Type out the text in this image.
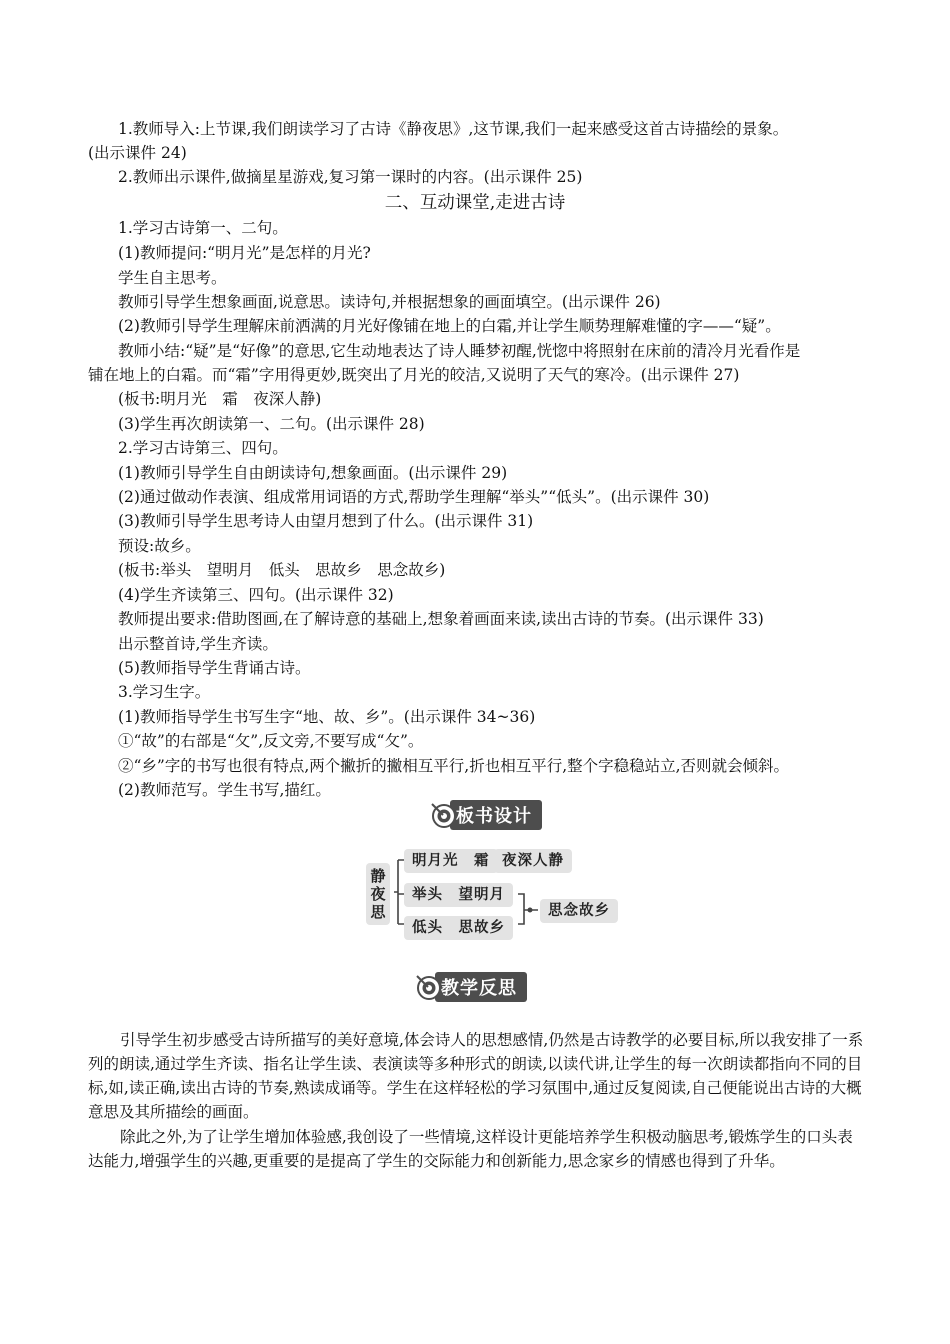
1.教师导入:上节课,我们朗读学习了古诗《静夜思》,这节课,我们一起来感受这首古诗描绘的景象。
(出示课件 24)
2.教师出示课件,做摘星星游戏,复习第一课时的内容。(出示课件 25)
二、互动课堂,走进古诗
1.学习古诗第一、二句。
(1)教师提问:“明月光”是怎样的月光?
学生自主思考。
教师引导学生想象画面,说意思。读诗句,并根据想象的画面填空。(出示课件 26)
(2)教师引导学生理解床前洒满的月光好像铺在地上的白霜,并让学生顺势理解难懂的字——“疑”。
教师小结:“疑”是“好像”的意思,它生动地表达了诗人睡梦初醒,恍惚中将照射在床前的清冷月光看作是
铺在地上的白霜。而“霜”字用得更妙,既突出了月光的皎洁,又说明了天气的寒冷。(出示课件 27)
(板书:明月光　霜　夜深人静)
(3)学生再次朗读第一、二句。(出示课件 28)
2.学习古诗第三、四句。
(1)教师引导学生自由朗读诗句,想象画面。(出示课件 29)
(2)通过做动作表演、组成常用词语的方式,帮助学生理解“举头”“低头”。(出示课件 30)
(3)教师引导学生思考诗人由望月想到了什么。(出示课件 31)
预设:故乡。
(板书:举头　望明月　低头　思故乡　思念故乡)
(4)学生齐读第三、四句。(出示课件 32)
教师提出要求:借助图画,在了解诗意的基础上,想象着画面来读,读出古诗的节奏。(出示课件 33)
出示整首诗,学生齐读。
(5)教师指导学生背诵古诗。
3.学习生字。
(1)教师指导学生书写生字“地、故、乡”。(出示课件 34~36)
①“故”的右部是“攵”,反文旁,不要写成“攵”。
②“乡”字的书写也很有特点,两个撇折的撇相互平行,折也相互平行,整个字稳稳站立,否则就会倾斜。
(2)教师范写。学生书写,描红。
板书设计
静
夜
思
明月光　霜 夜深人静
举头　望明月
低头　思故乡
思念故乡
教学反思
引导学生初步感受古诗所描写的美好意境,体会诗人的思想感情,仍然是古诗教学的必要目标,所以我安排了一系列的朗读,通过学生齐读、指名让学生读、表演读等多种形式的朗读,以读代讲,让学生的每一次朗读都指向不同的目标,如,读正确,读出古诗的节奏,熟读成诵等。学生在这样轻松的学习氛围中,通过反复阅读,自己便能说出古诗的大概意思及其所描绘的画面。
除此之外,为了让学生增加体验感,我创设了一些情境,这样设计更能培养学生积极动脑思考,锻炼学生的口头表达能力,增强学生的兴趣,更重要的是提高了学生的交际能力和创新能力,思念家乡的情感也得到了升华。
